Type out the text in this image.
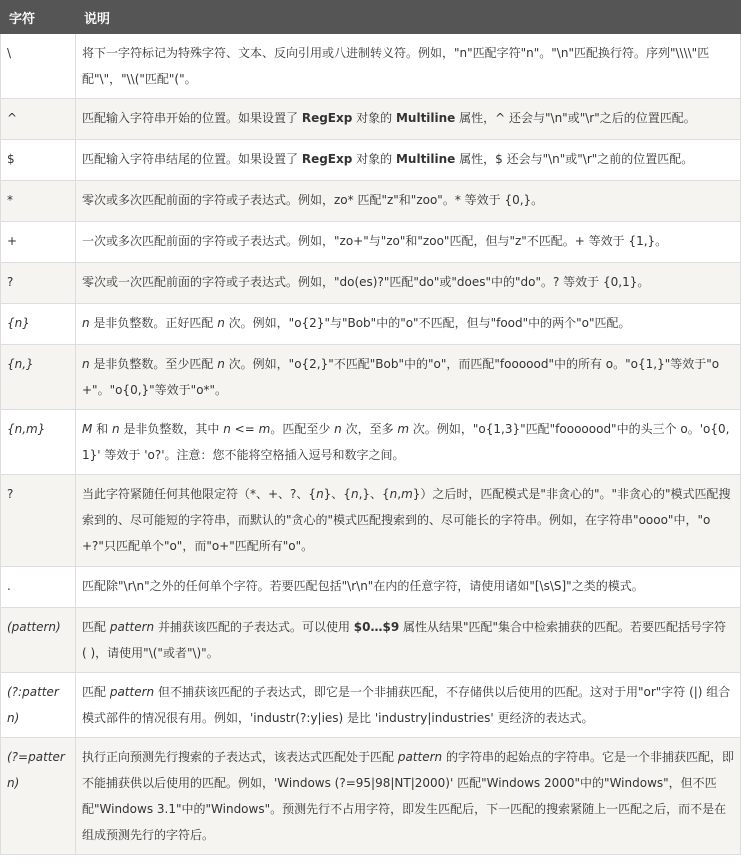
字符	说明
\	将下一字符标记为特殊字符、文本、反向引用或八进制转义符。例如，"n"匹配字符"n"。"\n"匹配换行符。序列"\\\\"匹配"\"，"\\("匹配"("。
^	匹配输入字符串开始的位置。如果设置了 RegExp 对象的 Multiline 属性，^ 还会与"\n"或"\r"之后的位置匹配。
$	匹配输入字符串结尾的位置。如果设置了 RegExp 对象的 Multiline 属性，$ 还会与"\n"或"\r"之前的位置匹配。
*	零次或多次匹配前面的字符或子表达式。例如，zo* 匹配"z"和"zoo"。* 等效于 {0,}。
+	一次或多次匹配前面的字符或子表达式。例如，"zo+"与"zo"和"zoo"匹配，但与"z"不匹配。+ 等效于 {1,}。
?	零次或一次匹配前面的字符或子表达式。例如，"do(es)?"匹配"do"或"does"中的"do"。? 等效于 {0,1}。
{n}	n 是非负整数。正好匹配 n 次。例如，"o{2}"与"Bob"中的"o"不匹配，但与"food"中的两个"o"匹配。
{n,}	n 是非负整数。至少匹配 n 次。例如，"o{2,}"不匹配"Bob"中的"o"，而匹配"foooood"中的所有 o。"o{1,}"等效于"o+"。"o{0,}"等效于"o*"。
{n,m}	M 和 n 是非负整数，其中 n <= m。匹配至少 n 次，至多 m 次。例如，"o{1,3}"匹配"fooooood"中的头三个 o。'o{0,1}' 等效于 'o?'。注意：您不能将空格插入逗号和数字之间。
?	当此字符紧随任何其他限定符（*、+、?、{n}、{n,}、{n,m}）之后时，匹配模式是"非贪心的"。"非贪心的"模式匹配搜索到的、尽可能短的字符串，而默认的"贪心的"模式匹配搜索到的、尽可能长的字符串。例如，在字符串"oooo"中，"o+?"只匹配单个"o"，而"o+"匹配所有"o"。
.	匹配除"\r\n"之外的任何单个字符。若要匹配包括"\r\n"在内的任意字符，请使用诸如"[\s\S]"之类的模式。
(pattern)	匹配 pattern 并捕获该匹配的子表达式。可以使用 $0…$9 属性从结果"匹配"集合中检索捕获的匹配。若要匹配括号字符 ( )，请使用"\("或者"\)"。
(?:pattern)	匹配 pattern 但不捕获该匹配的子表达式，即它是一个非捕获匹配，不存储供以后使用的匹配。这对于用"or"字符 (|) 组合模式部件的情况很有用。例如，'industr(?:y|ies) 是比 'industry|industries' 更经济的表达式。
(?=pattern)	执行正向预测先行搜索的子表达式，该表达式匹配处于匹配 pattern 的字符串的起始点的字符串。它是一个非捕获匹配，即不能捕获供以后使用的匹配。例如，'Windows (?=95|98|NT|2000)' 匹配"Windows 2000"中的"Windows"，但不匹配"Windows 3.1"中的"Windows"。预测先行不占用字符，即发生匹配后，下一匹配的搜索紧随上一匹配之后，而不是在组成预测先行的字符后。
